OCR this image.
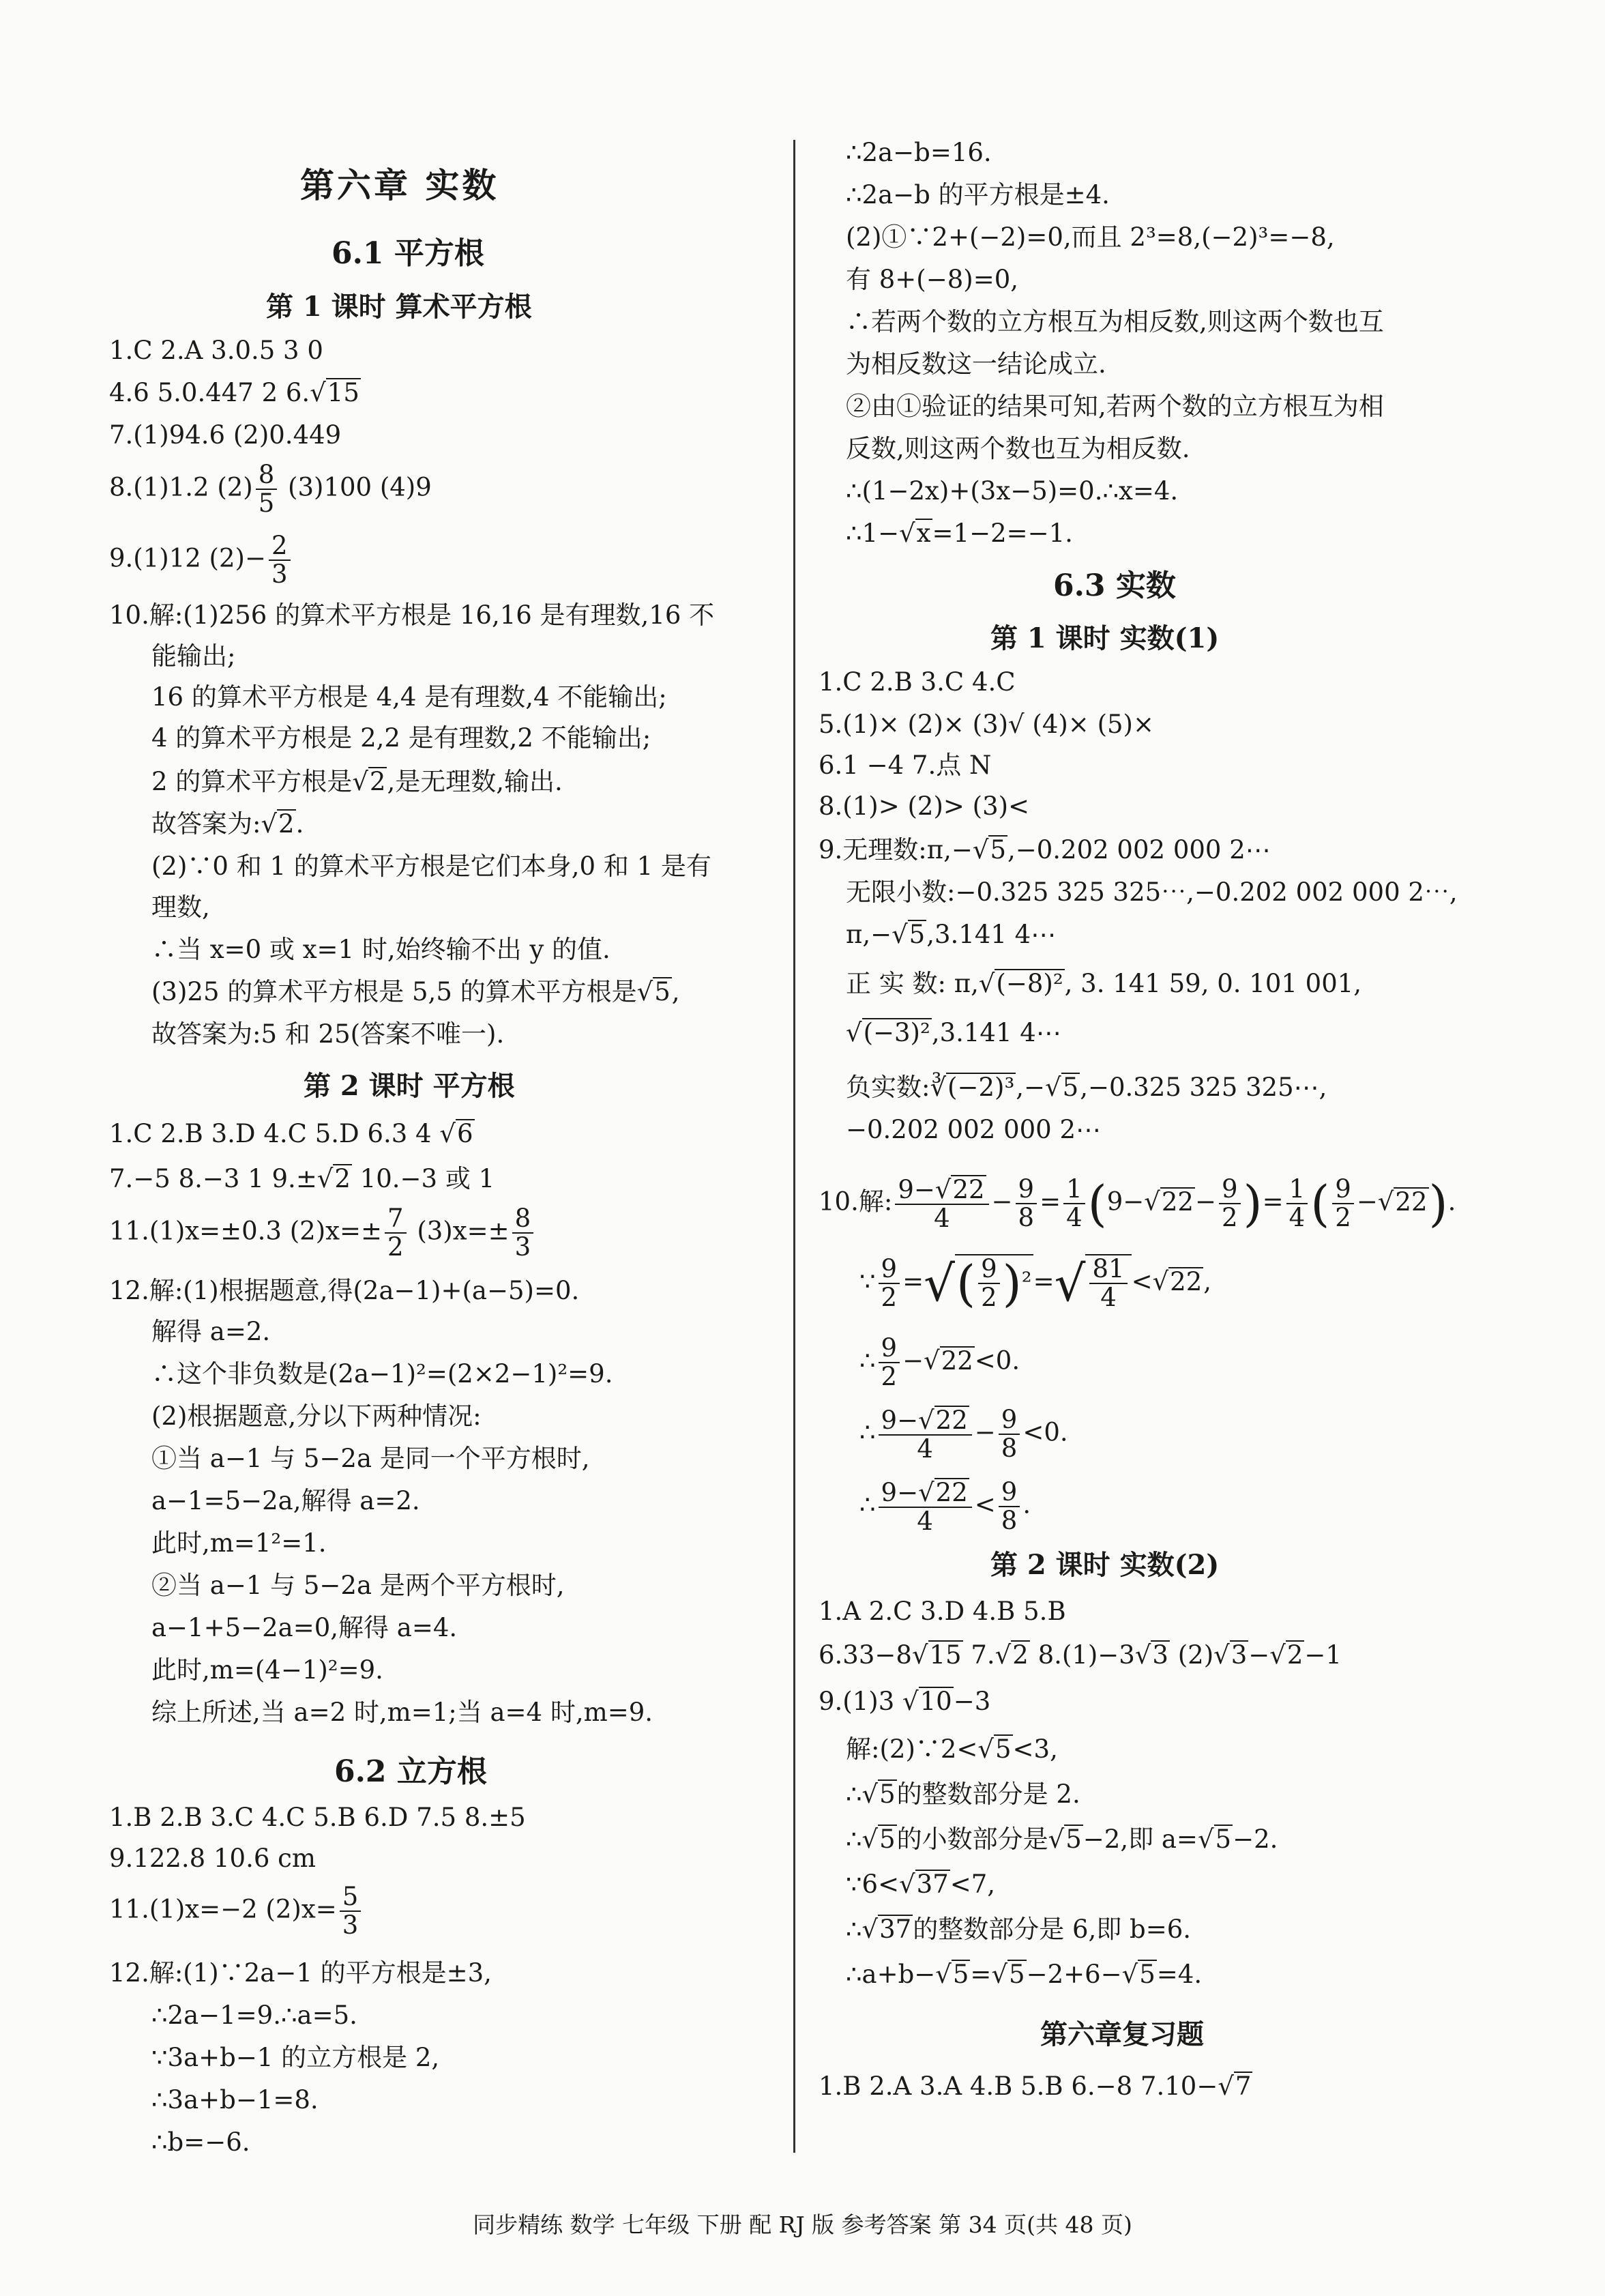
第六章 实数
6.1 平方根
第 1 课时 算术平方根
1.C 2.A 3.0.5 3 0
4.6 5.0.447 2 6.√15
7.(1)94.6 (2)0.449
8.(1)1.2 $(2) \frac{8}{5} (3)100$ (4)9
9.(1)12 $(2)- \frac{2}{3}$
10.解:(1)256 的算术平方根是 16,16 是有理数,16 不
能输出;
16 的算术平方根是 4,4 是有理数,4 不能输出;
4 的算术平方根是 2,2 是有理数,2 不能输出;
2 的算术平方根是√2,是无理数,输出.
故答案为:√2.
(2)∵0 和 1 的算术平方根是它们本身,0 和 1 是有
理数,
∴当 x=0 或 x=1 时,始终输不出 y 的值.
(3)25 的算术平方根是 5,5 的算术平方根是√5,
故答案为:5 和 25(答案不唯一).
第 2 课时 平方根
1.C 2.B 3.D 4.C 5.D 6.3 4 √6
7.−5 8.−3 1 9.±√2 10.−3 或 1
11.(1)x=±0.3 $(2)x=\pm \frac{7}{2} (3)x=\pm \frac{8}{3}$
12.解:(1)根据题意,得(2a−1)+(a−5)=0.
解得 a=2.
∴这个非负数是(2a−1)²=(2×2−1)²=9.
(2)根据题意,分以下两种情况:
①当 a−1 与 5−2a 是同一个平方根时,
a−1=5−2a,解得 a=2.
此时,m=1²=1.
②当 a−1 与 5−2a 是两个平方根时,
a−1+5−2a=0,解得 a=4.
此时,m=(4−1)²=9.
综上所述,当 a=2 时,m=1;当 a=4 时,m=9.
6.2 立方根
1.B 2.B 3.C 4.C 5.B 6.D 7.5 8.±5
9.122.8 10.6 cm
11.(1)x=−2 $(2)x= \frac{5}{3}$
12.解:(1)∵2a−1 的平方根是±3,
∴2a−1=9.∴a=5.
∵3a+b−1 的立方根是 2,
∴3a+b−1=8.
∴b=−6.
∴2a−b=16.
∴2a−b 的平方根是±4.
(2)①∵2+(−2)=0,而且 2³=8,(−2)³=−8,
有 8+(−8)=0,
∴若两个数的立方根互为相反数,则这两个数也互
为相反数这一结论成立.
②由①验证的结果可知,若两个数的立方根互为相
反数,则这两个数也互为相反数.
∴(1−2x)+(3x−5)=0.∴x=4.
∴1−√x=1−2=−1.
6.3 实数
第 1 课时 实数(1)
1.C 2.B 3.C 4.C
5.(1)× (2)× (3)√ (4)× (5)×
6.1 −4 7.点 N
8.(1)> (2)> (3)<
9.无理数:π,−√5,−0.202 002 000 2⋯
无限小数:−0.325 325 325⋯,−0.202 002 000 2⋯,
π,−√5,3.141 4⋯
正 实 数: π,√(−8)², 3. 141 59, 0. 101 001,
√(−3)²,3.141 4⋯
负实数:∛(−2)³,−√5,−0.325 325 325⋯,
−0.202 002 000 2⋯
10.解: $\frac{9-√22}{4} - \frac{9}{8} = \frac{1}{4} (9-√22- \frac{9}{2}$ )= $\frac{1}{4}$ ( $\frac{9}{2} -√22$).
∵ $\frac{9}{2}$ =√( $\frac{9}{2} )^2=√ \frac{81}{4} <√22$,
∴ $\frac{9}{2} -√22<0$.
∴ $\frac{9-√22}{4} - \frac{9}{8} <0$.
∴ $\frac{9-√22}{4} < \frac{9}{8}$ .
第 2 课时 实数(2)
1.A 2.C 3.D 4.B 5.B
6.33−8√15 7.√2 8.(1)−3√3 (2)√3−√2−1
9.(1)3 √10−3
解:(2)∵2<√5<3,
∴√5的整数部分是 2.
∴√5的小数部分是√5−2,即 a=√5−2.
∵6<√37<7,
∴√37的整数部分是 6,即 b=6.
∴a+b−√5=√5−2+6−√5=4.
第六章复习题
1.B 2.A 3.A 4.B 5.B 6.−8 7.10−√7
同步精练 数学 七年级 下册 配 RJ 版 参考答案 第 34 页(共 48 页)
